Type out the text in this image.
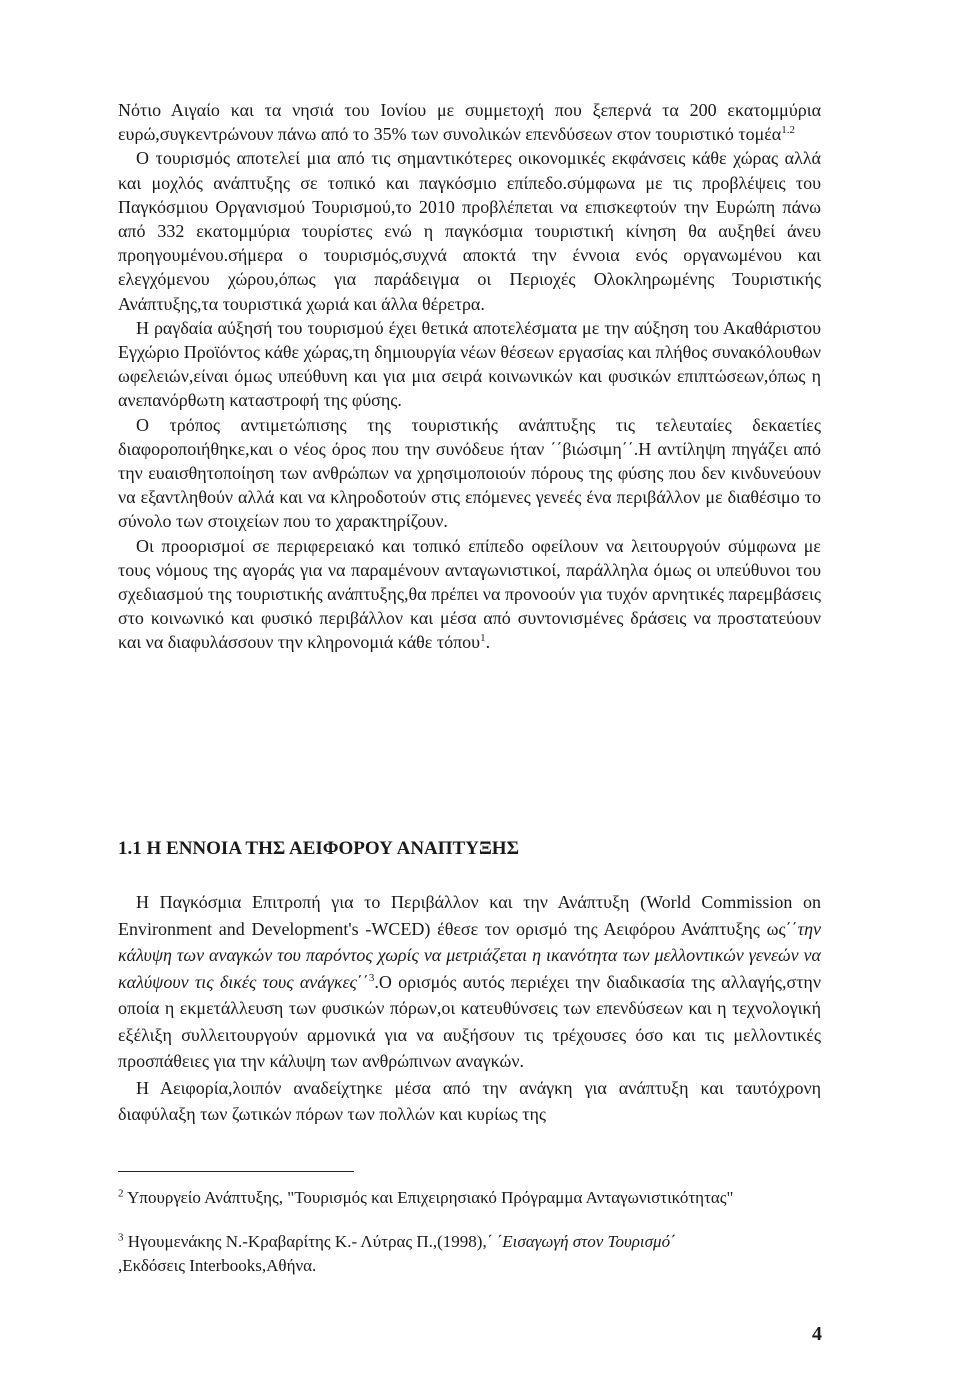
Νότιο Αιγαίο και τα νησιά του Ιονίου με συμμετοχή που ξεπερνά τα 200 εκατομμύρια ευρώ,συγκεντρώνουν πάνω από το 35% των συνολικών επενδύσεων στον τουριστικό τομέα$^{1.2}$

Ο τουρισμός αποτελεί μια από τις σημαντικότερες οικονομικές εκφάνσεις κάθε χώρας αλλά και μοχλός ανάπτυξης σε τοπικό και παγκόσμιο επίπεδο.σύμφωνα με τις προβλέψεις του Παγκόσμιου Οργανισμού Τουρισμού,το 2010 προβλέπεται να επισκεφτούν την Ευρώπη πάνω από 332 εκατομμύρια τουρίστες ενώ η παγκόσμια τουριστική κίνηση θα αυξηθεί άνευ προηγουμένου.σήμερα ο τουρισμός,συχνά αποκτά την έννοια ενός οργανωμένου και ελεγχόμενου χώρου,όπως για παράδειγμα οι Περιοχές Ολοκληρωμένης Τουριστικής Ανάπτυξης,τα τουριστικά χωριά και άλλα θέρετρα.

Η ραγδαία αύξησή του τουρισμού έχει θετικά αποτελέσματα με την αύξηση του Ακαθάριστου Εγχώριο Προϊόντος κάθε χώρας,τη δημιουργία νέων θέσεων εργασίας και πλήθος συνακόλουθων ωφελειών,είναι όμως υπεύθυνη και για μια σειρά κοινωνικών και φυσικών επιπτώσεων,όπως η ανεπανόρθωτη καταστροφή της φύσης.

Ο τρόπος αντιμετώπισης της τουριστικής ανάπτυξης τις τελευταίες δεκαετίες διαφοροποιήθηκε,και ο νέος όρος που την συνόδευε ήταν ΄΄βιώσιμη΄΄.Η αντίληψη πηγάζει από την ευαισθητοποίηση των ανθρώπων να χρησιμοποιούν πόρους της φύσης που δεν κινδυνεύουν να εξαντληθούν αλλά και να κληροδοτούν στις επόμενες γενεές ένα περιβάλλον με διαθέσιμο το σύνολο των στοιχείων που το χαρακτηρίζουν.

Οι προορισμοί σε περιφερειακό και τοπικό επίπεδο οφείλουν να λειτουργούν σύμφωνα με τους νόμους της αγοράς για να παραμένουν ανταγωνιστικοί, παράλληλα όμως οι υπεύθυνοι του σχεδιασμού της τουριστικής ανάπτυξης,θα πρέπει να προνοούν για τυχόν αρνητικές παρεμβάσεις στο κοινωνικό και φυσικό περιβάλλον και μέσα από συντονισμένες δράσεις να προστατεύουν και να διαφυλάσσουν την κληρονομιά κάθε τόπου$^1$.

1.1 Η ΕΝΝΟΙΑ ΤΗΣ ΑΕΙΦΟΡΟΥ ΑΝΑΠΤΥΞΗΣ

Η Παγκόσμια Επιτροπή για το Περιβάλλον και την Ανάπτυξη (World Commission on Environment and Development's -WCED) έθεσε τον ορισμό της Αειφόρου Ανάπτυξης ως΄΄την κάλυψη των αναγκών του παρόντος χωρίς να μετριάζεται η ικανότητα των μελλοντικών γενεών να καλύψουν τις δικές τους ανάγκες΄΄$^3$.Ο ορισμός αυτός περιέχει την διαδικασία της αλλαγής,στην οποία η εκμετάλλευση των φυσικών πόρων,οι κατευθύνσεις των επενδύσεων και η τεχνολογική εξέλιξη συλλειτουργούν αρμονικά για να αυξήσουν τις τρέχουσες όσο και τις μελλοντικές προσπάθειες για την κάλυψη των ανθρώπινων αναγκών.

Η Αειφορία,λοιπόν αναδείχτηκε μέσα από την ανάγκη για ανάπτυξη και ταυτόχρονη διαφύλαξη των ζωτικών πόρων των πολλών και κυρίως της

$^2$ Υπουργείο Ανάπτυξης, "Τουρισμός και Επιχειρησιακό Πρόγραμμα Ανταγωνιστικότητας"

$^3$ Ηγουμενάκης Ν.-Κραβαρίτης Κ.- Λύτρας Π.,(1998),΄ ΄Εισαγωγή στον Τουρισμό΄
,Εκδόσεις Interbooks,Αθήνα.

4
